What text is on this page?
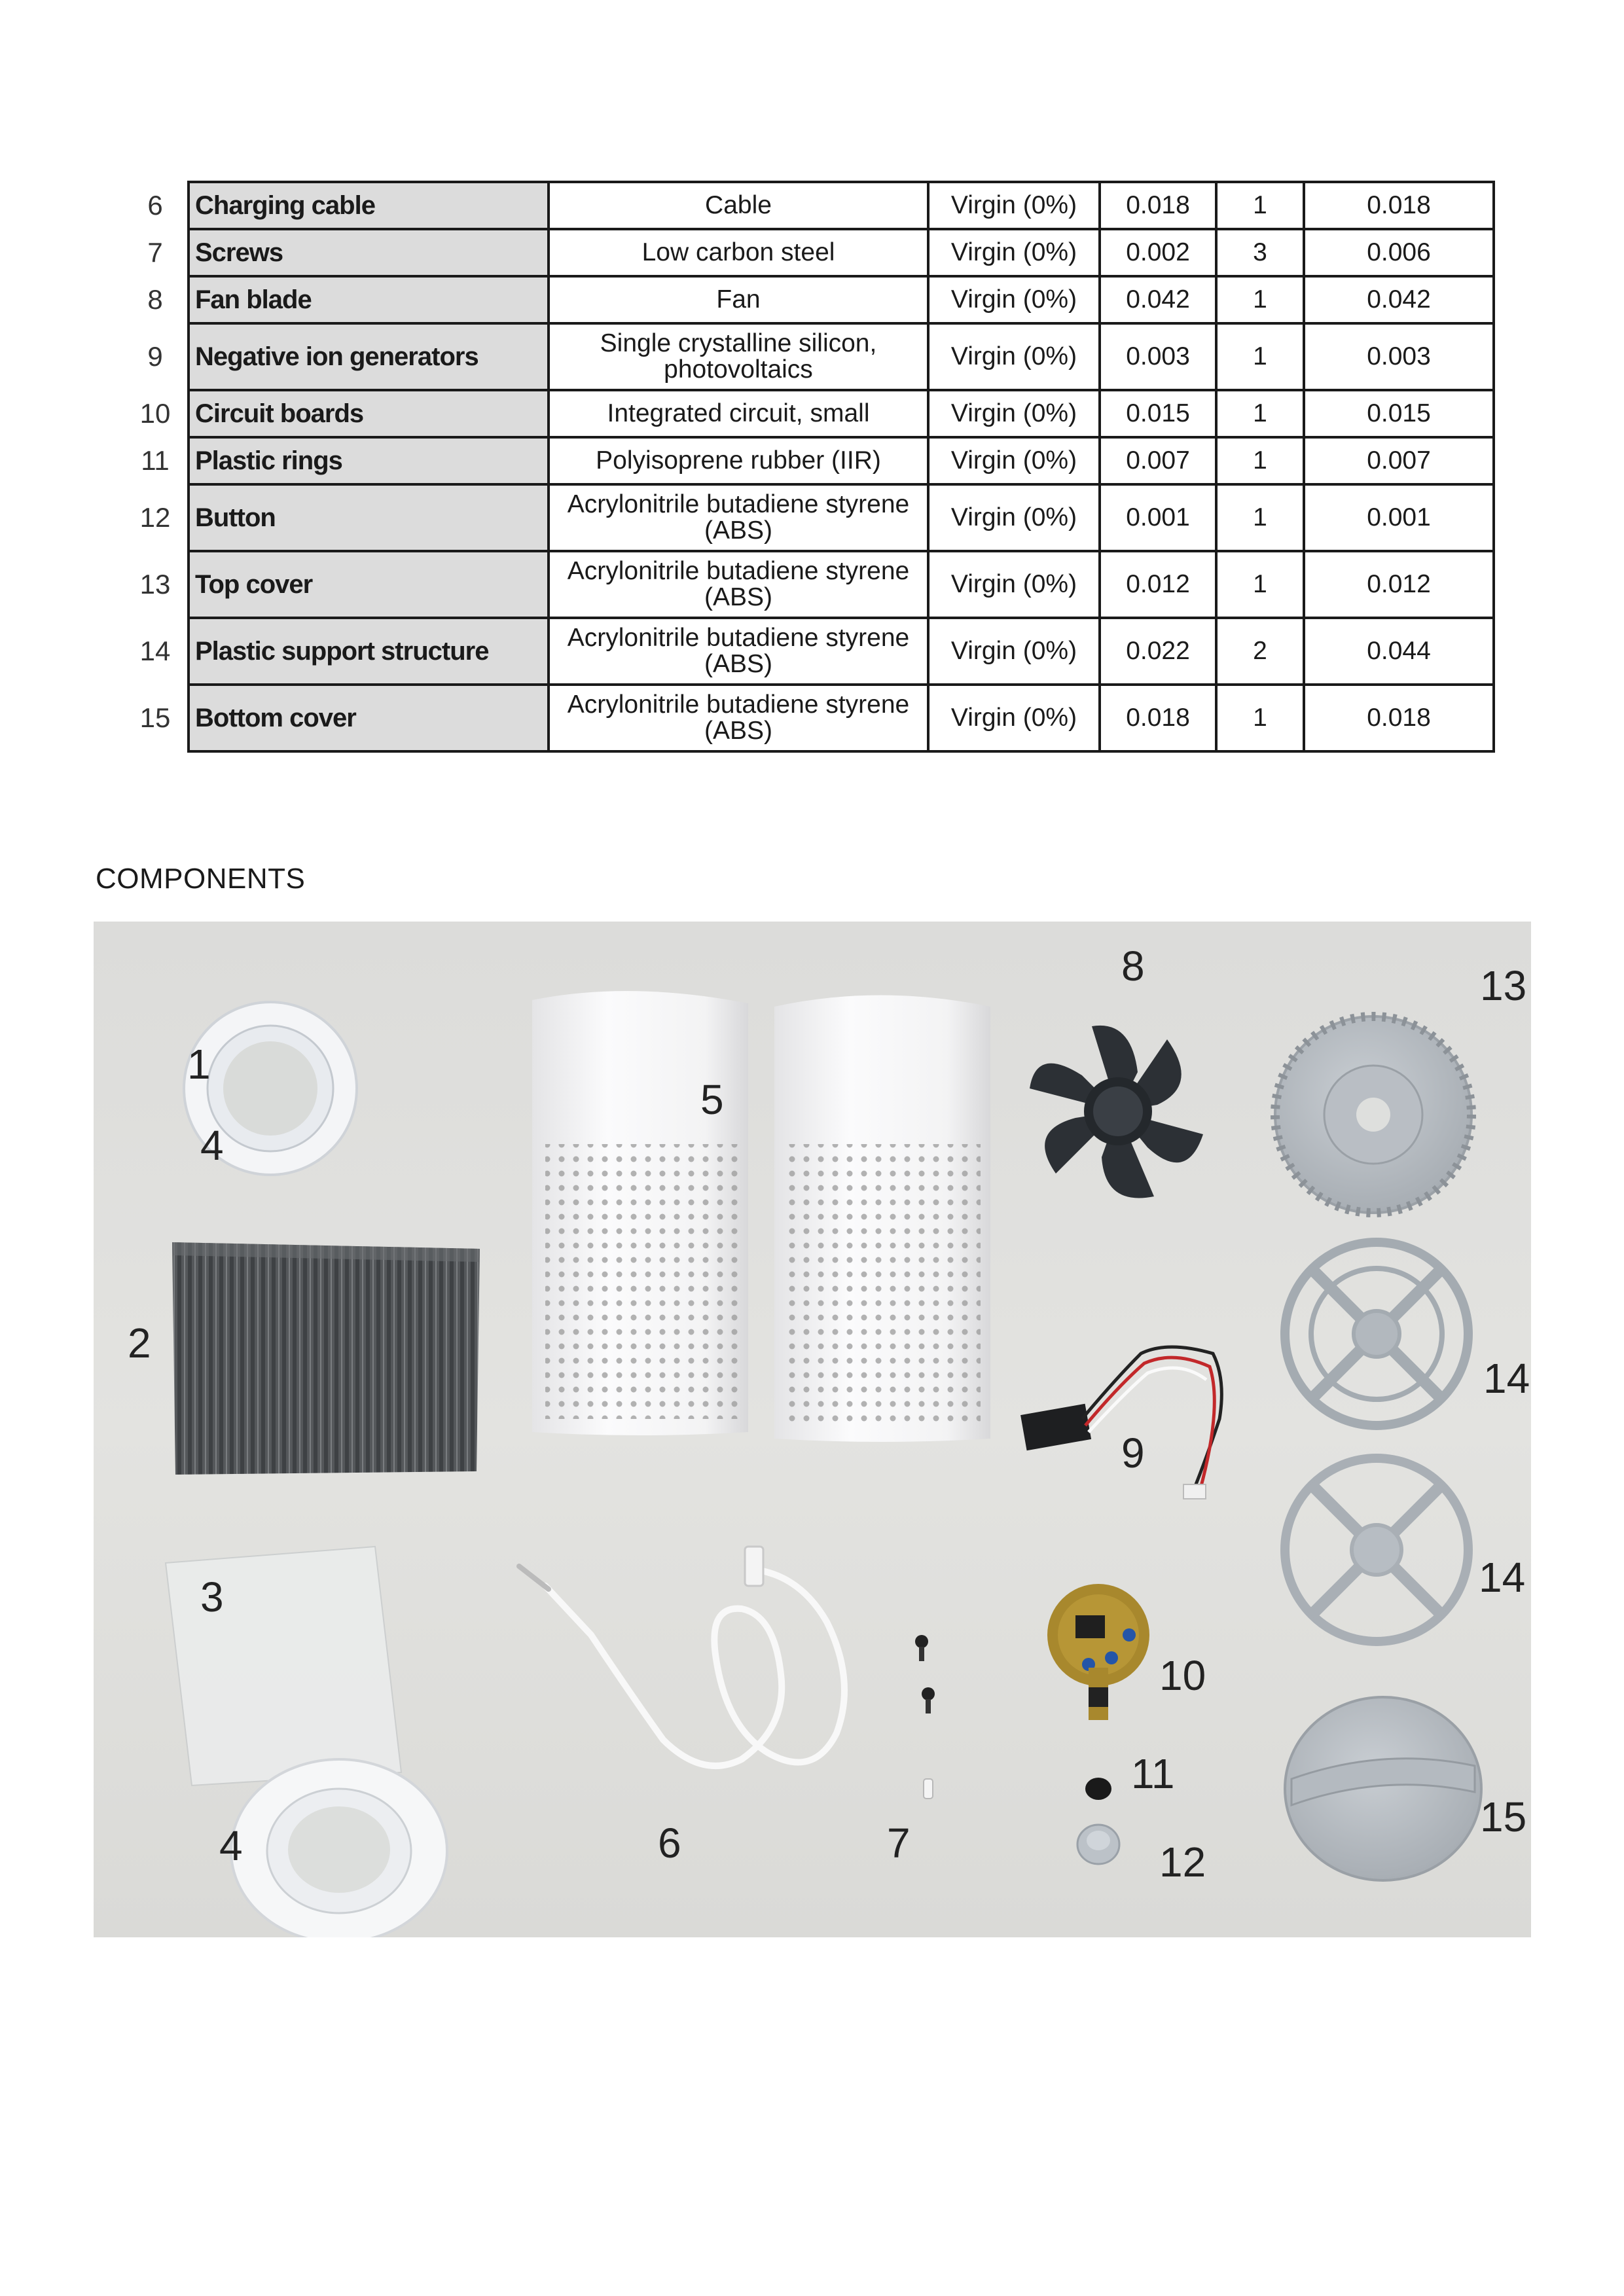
6	Charging cable	Cable	Virgin (0%)	0.018	1	0.018
7	Screws	Low carbon steel	Virgin (0%)	0.002	3	0.006
8	Fan blade	Fan	Virgin (0%)	0.042	1	0.042
9	Negative ion generators	Single crystalline silicon,
photovoltaics	Virgin (0%)	0.003	1	0.003
10	Circuit boards	Integrated circuit, small	Virgin (0%)	0.015	1	0.015
11	Plastic rings	Polyisoprene rubber (IIR)	Virgin (0%)	0.007	1	0.007
12	Button	Acrylonitrile butadiene styrene
(ABS)	Virgin (0%)	0.001	1	0.001
13	Top cover	Acrylonitrile butadiene styrene
(ABS)	Virgin (0%)	0.012	1	0.012
14	Plastic support structure	Acrylonitrile butadiene styrene
(ABS)	Virgin (0%)	0.022	2	0.044
15	Bottom cover	Acrylonitrile butadiene styrene
(ABS)	Virgin (0%)	0.018	1	0.018
COMPONENTS
1
4
2
3
4
5
6	7
8
9
10
11
12
13
14
14
15
